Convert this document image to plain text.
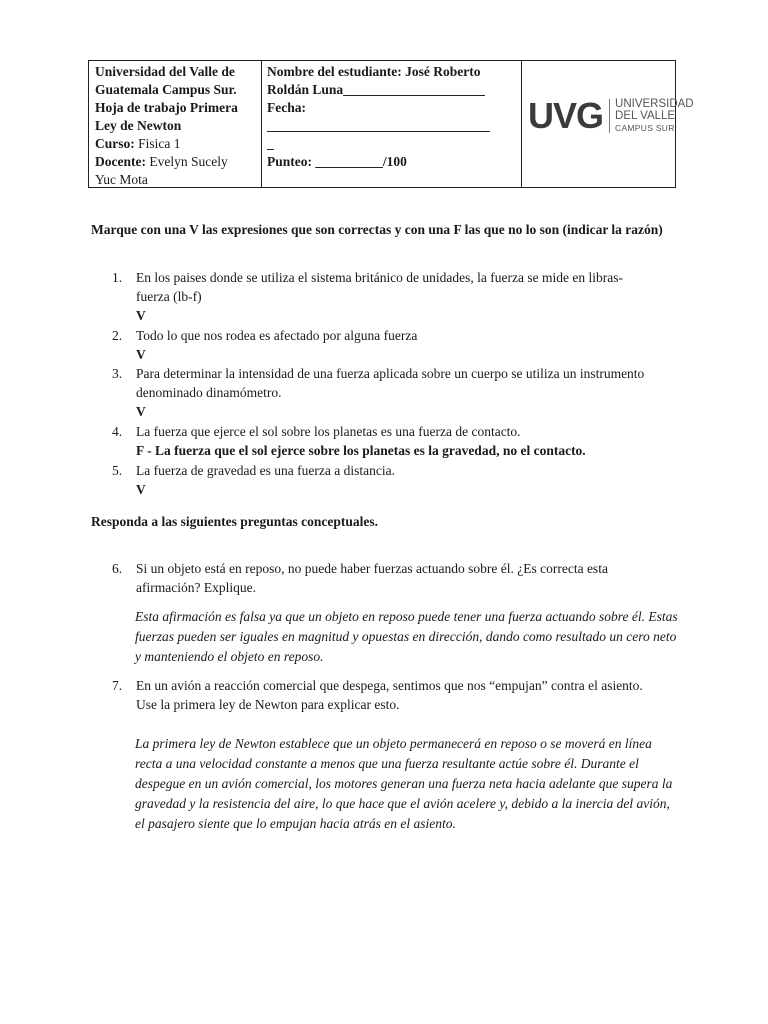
Universidad del Valle de
Guatemala Campus Sur.
Hoja de trabajo Primera
Ley de Newton
Curso: Fisica 1
Docente: Evelyn Sucely
Yuc Mota
Nombre del estudiante: José Roberto
Roldán Luna_____________________
Fecha:
_________________________________
_
Punteo: __________/100
UVG UNIVERSIDAD
DEL VALLE
CAMPUS SUR
Marque con una V las expresiones que son correctas y con una F las que no lo son (indicar la razón)
1.	En los paises donde se utiliza el sistema británico de unidades, la fuerza se mide en libras-fuerza (lb-f)
V
2.	Todo lo que nos rodea es afectado por alguna fuerza
V
3.	Para determinar la intensidad de una fuerza aplicada sobre un cuerpo se utiliza un instrumento denominado dinamómetro.
V
4.	La fuerza que ejerce el sol sobre los planetas es una fuerza de contacto.
F - La fuerza que el sol ejerce sobre los planetas es la gravedad, no el contacto.
5.	La fuerza de gravedad es una fuerza a distancia.
V
Responda a las siguientes preguntas conceptuales.
6.	Si un objeto está en reposo, no puede haber fuerzas actuando sobre él. ¿Es correcta esta afirmación? Explique.
Esta afirmación es falsa ya que un objeto en reposo puede tener una fuerza actuando sobre él. Estas fuerzas pueden ser iguales en magnitud y opuestas en dirección, dando como resultado un cero neto y manteniendo el objeto en reposo.
7.	En un avión a reacción comercial que despega, sentimos que nos “empujan” contra el asiento. Use la primera ley de Newton para explicar esto.
La primera ley de Newton establece que un objeto permanecerá en reposo o se moverá en línea recta a una velocidad constante a menos que una fuerza resultante actúe sobre él. Durante el despegue en un avión comercial, los motores generan una fuerza neta hacia adelante que supera la gravedad y la resistencia del aire, lo que hace que el avión acelere y, debido a la inercia del avión, el pasajero siente que lo empujan hacia atrás en el asiento.
